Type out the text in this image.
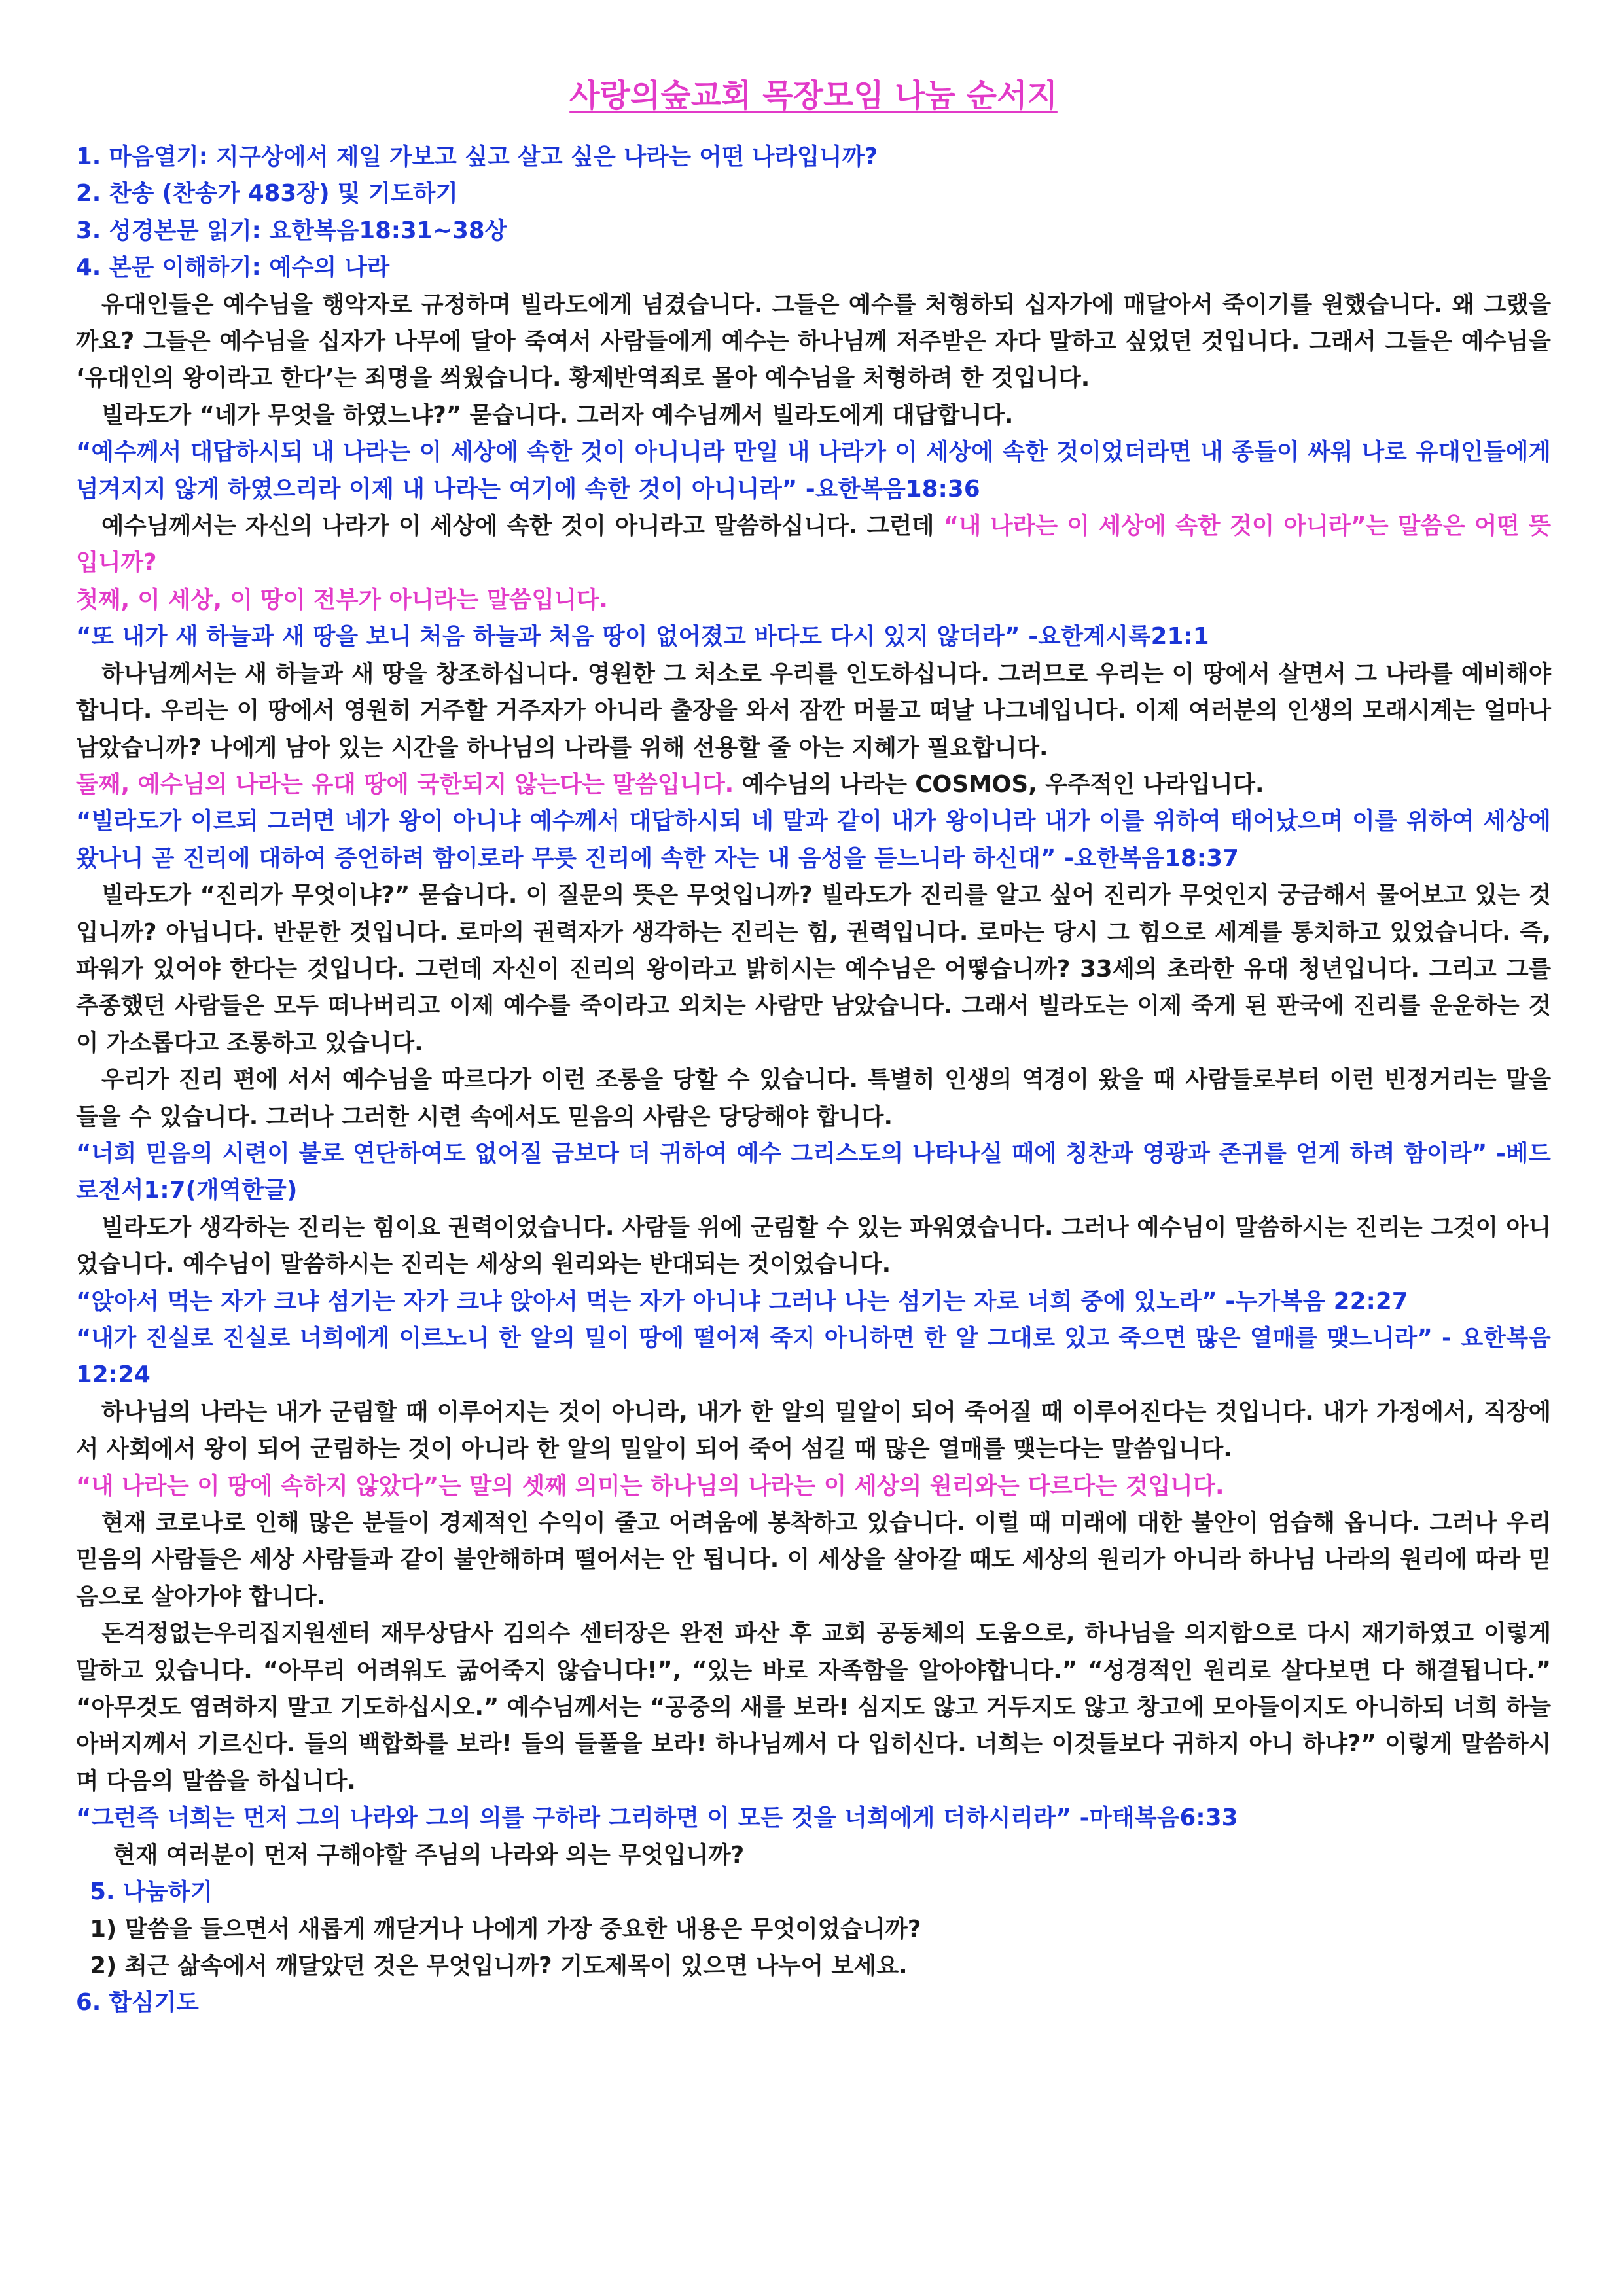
사랑의숲교회 목장모임 나눔 순서지

1. 마음열기: 지구상에서 제일 가보고 싶고 살고 싶은 나라는 어떤 나라입니까?

2. 찬송 (찬송가 483장) 및 기도하기

3. 성경본문 읽기: 요한복음18:31~38상

4. 본문 이해하기: 예수의 나라

유대인들은 예수님을 행악자로 규정하며 빌라도에게 넘겼습니다. 그들은 예수를 처형하되 십자가에 매달아서 죽이기를 원했습니다. 왜 그랬을까요? 그들은 예수님을 십자가 나무에 달아 죽여서 사람들에게 예수는 하나님께 저주받은 자다 말하고 싶었던 것입니다. 그래서 그들은 예수님을 ‘유대인의 왕이라고 한다’는 죄명을 씌웠습니다. 황제반역죄로 몰아 예수님을 처형하려 한 것입니다.

빌라도가 “네가 무엇을 하였느냐?” 묻습니다. 그러자 예수님께서 빌라도에게 대답합니다.

“예수께서 대답하시되 내 나라는 이 세상에 속한 것이 아니니라 만일 내 나라가 이 세상에 속한 것이었더라면 내 종들이 싸워 나로 유대인들에게 넘겨지지 않게 하였으리라 이제 내 나라는 여기에 속한 것이 아니니라” -요한복음18:36

예수님께서는 자신의 나라가 이 세상에 속한 것이 아니라고 말씀하십니다. 그런데 “내 나라는 이 세상에 속한 것이 아니라”는 말씀은 어떤 뜻입니까?

첫째, 이 세상, 이 땅이 전부가 아니라는 말씀입니다.

“또 내가 새 하늘과 새 땅을 보니 처음 하늘과 처음 땅이 없어졌고 바다도 다시 있지 않더라” -요한계시록21:1

하나님께서는 새 하늘과 새 땅을 창조하십니다. 영원한 그 처소로 우리를 인도하십니다. 그러므로 우리는 이 땅에서 살면서 그 나라를 예비해야 합니다. 우리는 이 땅에서 영원히 거주할 거주자가 아니라 출장을 와서 잠깐 머물고 떠날 나그네입니다. 이제 여러분의 인생의 모래시계는 얼마나 남았습니까? 나에게 남아 있는 시간을 하나님의 나라를 위해 선용할 줄 아는 지혜가 필요합니다.

둘째, 예수님의 나라는 유대 땅에 국한되지 않는다는 말씀입니다. 예수님의 나라는 COSMOS, 우주적인 나라입니다.

“빌라도가 이르되 그러면 네가 왕이 아니냐 예수께서 대답하시되 네 말과 같이 내가 왕이니라 내가 이를 위하여 태어났으며 이를 위하여 세상에 왔나니 곧 진리에 대하여 증언하려 함이로라 무릇 진리에 속한 자는 내 음성을 듣느니라 하신대” -요한복음18:37

빌라도가 “진리가 무엇이냐?” 묻습니다. 이 질문의 뜻은 무엇입니까? 빌라도가 진리를 알고 싶어 진리가 무엇인지 궁금해서 물어보고 있는 것입니까? 아닙니다. 반문한 것입니다. 로마의 권력자가 생각하는 진리는 힘, 권력입니다. 로마는 당시 그 힘으로 세계를 통치하고 있었습니다. 즉, 파워가 있어야 한다는 것입니다. 그런데 자신이 진리의 왕이라고 밝히시는 예수님은 어떻습니까? 33세의 초라한 유대 청년입니다. 그리고 그를 추종했던 사람들은 모두 떠나버리고 이제 예수를 죽이라고 외치는 사람만 남았습니다. 그래서 빌라도는 이제 죽게 된 판국에 진리를 운운하는 것이 가소롭다고 조롱하고 있습니다.

우리가 진리 편에 서서 예수님을 따르다가 이런 조롱을 당할 수 있습니다. 특별히 인생의 역경이 왔을 때 사람들로부터 이런 빈정거리는 말을 들을 수 있습니다. 그러나 그러한 시련 속에서도 믿음의 사람은 당당해야 합니다.

“너희 믿음의 시련이 불로 연단하여도 없어질 금보다 더 귀하여 예수 그리스도의 나타나실 때에 칭찬과 영광과 존귀를 얻게 하려 함이라” -베드로전서1:7(개역한글)

빌라도가 생각하는 진리는 힘이요 권력이었습니다. 사람들 위에 군림할 수 있는 파워였습니다. 그러나 예수님이 말씀하시는 진리는 그것이 아니었습니다. 예수님이 말씀하시는 진리는 세상의 원리와는 반대되는 것이었습니다.

“앉아서 먹는 자가 크냐 섬기는 자가 크냐 앉아서 먹는 자가 아니냐 그러나 나는 섬기는 자로 너희 중에 있노라” -누가복음 22:27

“내가 진실로 진실로 너희에게 이르노니 한 알의 밀이 땅에 떨어져 죽지 아니하면 한 알 그대로 있고 죽으면 많은 열매를 맺느니라” - 요한복음 12:24

하나님의 나라는 내가 군림할 때 이루어지는 것이 아니라, 내가 한 알의 밀알이 되어 죽어질 때 이루어진다는 것입니다. 내가 가정에서, 직장에서 사회에서 왕이 되어 군림하는 것이 아니라 한 알의 밀알이 되어 죽어 섬길 때 많은 열매를 맺는다는 말씀입니다.

“내 나라는 이 땅에 속하지 않았다”는 말의 셋째 의미는 하나님의 나라는 이 세상의 원리와는 다르다는 것입니다.

현재 코로나로 인해 많은 분들이 경제적인 수익이 줄고 어려움에 봉착하고 있습니다. 이럴 때 미래에 대한 불안이 엄습해 옵니다. 그러나 우리 믿음의 사람들은 세상 사람들과 같이 불안해하며 떨어서는 안 됩니다. 이 세상을 살아갈 때도 세상의 원리가 아니라 하나님 나라의 원리에 따라 믿음으로 살아가야 합니다.

돈걱정없는우리집지원센터 재무상담사 김의수 센터장은 완전 파산 후 교회 공동체의 도움으로, 하나님을 의지함으로 다시 재기하였고 이렇게 말하고 있습니다. “아무리 어려워도 굶어죽지 않습니다!”, “있는 바로 자족함을 알아야합니다.” “성경적인 원리로 살다보면 다 해결됩니다.” “아무것도 염려하지 말고 기도하십시오.” 예수님께서는 “공중의 새를 보라! 심지도 않고 거두지도 않고 창고에 모아들이지도 아니하되 너희 하늘 아버지께서 기르신다. 들의 백합화를 보라! 들의 들풀을 보라! 하나님께서 다 입히신다. 너희는 이것들보다 귀하지 아니 하냐?” 이렇게 말씀하시며 다음의 말씀을 하십니다.

“그런즉 너희는 먼저 그의 나라와 그의 의를 구하라 그리하면 이 모든 것을 너희에게 더하시리라” -마태복음6:33

현재 여러분이 먼저 구해야할 주님의 나라와 의는 무엇입니까?

5. 나눔하기

1) 말씀을 들으면서 새롭게 깨닫거나 나에게 가장 중요한 내용은 무엇이었습니까?

2) 최근 삶속에서 깨달았던 것은 무엇입니까? 기도제목이 있으면 나누어 보세요.

6. 합심기도
